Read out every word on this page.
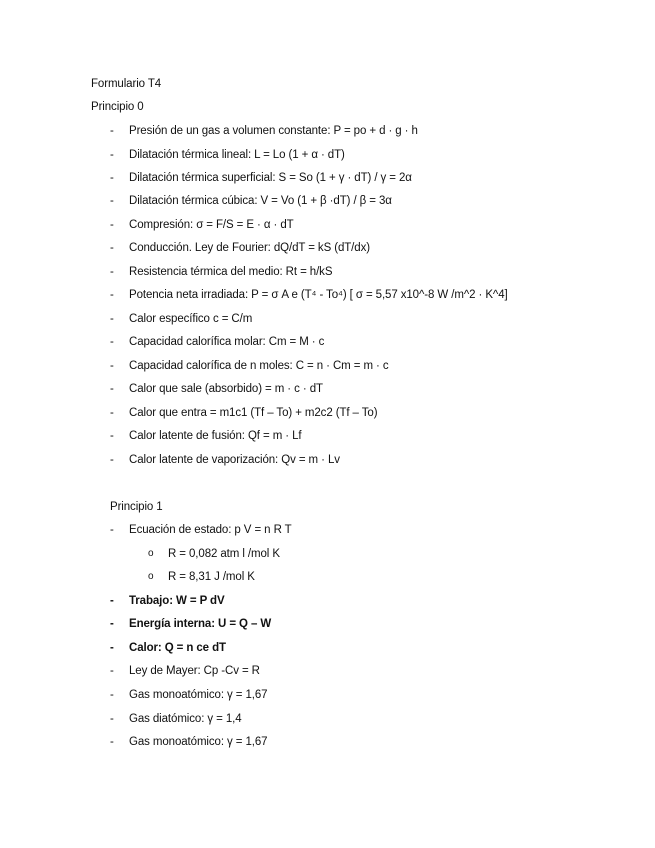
Formulario T4
Principio 0
- Presión de un gas a volumen constante: P = po + d · g · h
- Dilatación térmica lineal: L = Lo (1 + α · dT)
- Dilatación térmica superficial: S = So (1 + γ · dT) / γ = 2α
- Dilatación térmica cúbica: V = Vo (1 + β ·dT) / β = 3α
- Compresión: σ = F/S = E · α · dT
- Conducción. Ley de Fourier: dQ/dT = kS (dT/dx)
- Resistencia térmica del medio: Rt = h/kS
- Potencia neta irradiada: P = σ A e (T⁴ - To⁴) [ σ = 5,57 x10^-8 W /m^2 · K^4]
- Calor específico c = C/m
- Capacidad calorífica molar: Cm = M · c
- Capacidad calorífica de n moles: C = n · Cm = m · c
- Calor que sale (absorbido) = m · c · dT
- Calor que entra = m1c1 (Tf – To) + m2c2 (Tf – To)
- Calor latente de fusión: Qf = m · Lf
- Calor latente de vaporización: Qv = m · Lv
Principio 1
- Ecuación de estado: p V = n R T
o R = 0,082 atm l /mol K
o R = 8,31 J /mol K
- Trabajo: W = P dV
- Energía interna: U = Q – W
- Calor: Q = n ce dT
- Ley de Mayer: Cp -Cv = R
- Gas monoatómico: γ = 1,67
- Gas diatómico: γ = 1,4
- Gas monoatómico: γ = 1,67
